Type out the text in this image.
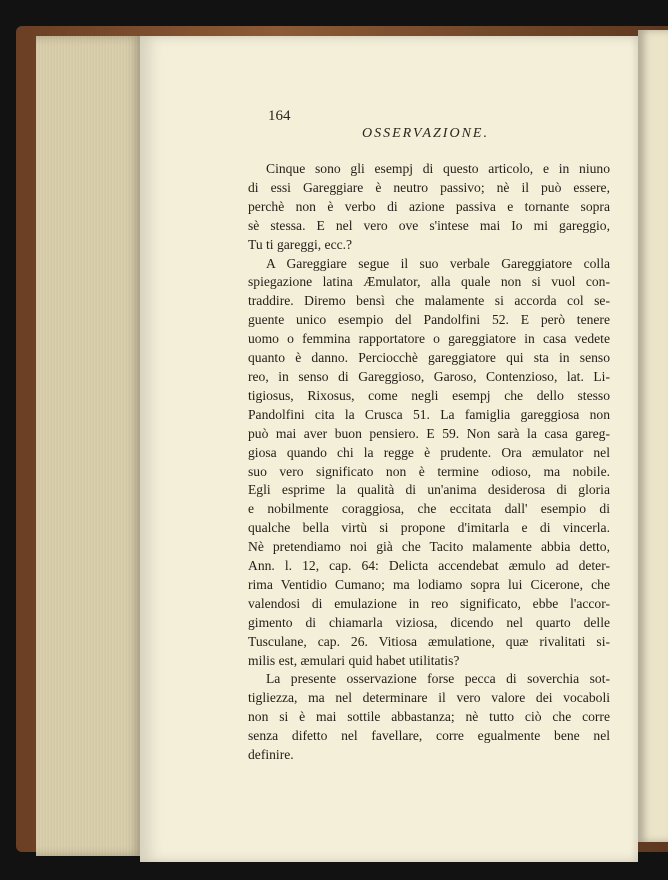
164
OSSERVAZIONE.
Cinque sono gli esempj di questo articolo, e in niuno
di essi Gareggiare è neutro passivo; nè il può essere,
perchè non è verbo di azione passiva e tornante sopra
sè stessa. E nel vero ove s'intese mai Io mi gareggio,
Tu ti gareggi, ecc.?
A Gareggiare segue il suo verbale Gareggiatore colla
spiegazione latina Æmulator, alla quale non si vuol con-
traddire. Diremo bensì che malamente si accorda col se-
guente unico esempio del Pandolfini 52. E però tenere
uomo o femmina rapportatore o gareggiatore in casa vedete
quanto è danno. Perciocchè gareggiatore qui sta in senso
reo, in senso di Gareggioso, Garoso, Contenzioso, lat. Li-
tigiosus, Rixosus, come negli esempj che dello stesso
Pandolfini cita la Crusca 51. La famiglia gareggiosa non
può mai aver buon pensiero. E 59. Non sarà la casa gareg-
giosa quando chi la regge è prudente. Ora æmulator nel
suo vero significato non è termine odioso, ma nobile.
Egli esprime la qualità di un'anima desiderosa di gloria
e nobilmente coraggiosa, che eccitata dall' esempio di
qualche bella virtù si propone d'imitarla e di vincerla.
Nè pretendiamo noi già che Tacito malamente abbia detto,
Ann. l. 12, cap. 64: Delicta accendebat æmulo ad deter-
rima Ventidio Cumano; ma lodiamo sopra lui Cicerone, che
valendosi di emulazione in reo significato, ebbe l'accor-
gimento di chiamarla viziosa, dicendo nel quarto delle
Tusculane, cap. 26. Vitiosa æmulatione, quæ rivalitati si-
milis est, æmulari quid habet utilitatis?
La presente osservazione forse pecca di soverchia sot-
tigliezza, ma nel determinare il vero valore dei vocaboli
non si è mai sottile abbastanza; nè tutto ciò che corre
senza difetto nel favellare, corre egualmente bene nel
definire.
